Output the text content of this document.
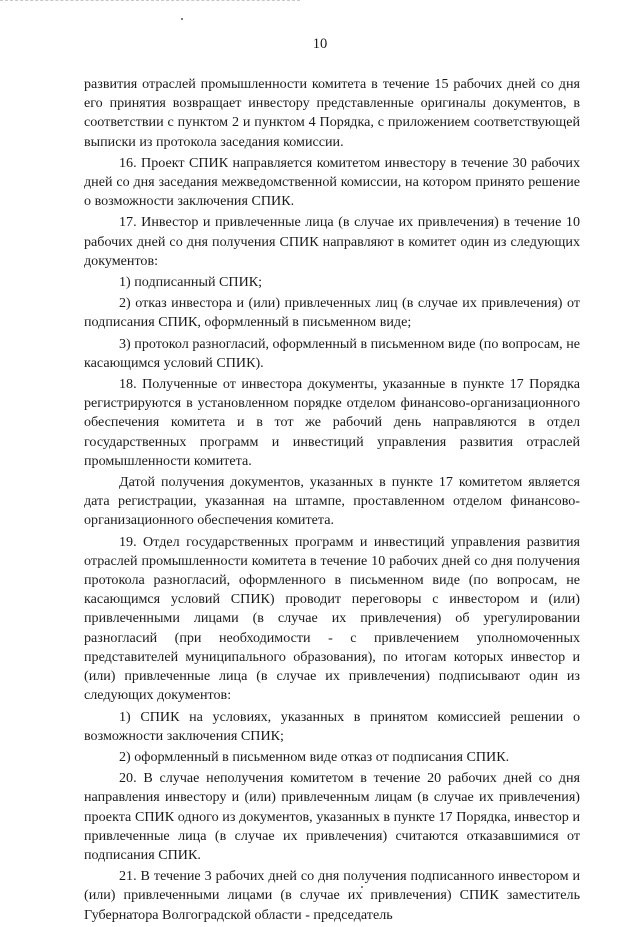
10

развития отраслей промышленности комитета в течение 15 рабочих дней со дня его принятия возвращает инвестору представленные оригиналы документов, в соответствии с пунктом 2 и пунктом 4 Порядка, с приложением соответствующей выписки из протокола заседания комиссии.

16. Проект СПИК направляется комитетом инвестору в течение 30 рабочих дней со дня заседания межведомственной комиссии, на котором принято решение о возможности заключения СПИК.

17. Инвестор и привлеченные лица (в случае их привлечения) в течение 10 рабочих дней со дня получения СПИК направляют в комитет один из следующих документов:

1) подписанный СПИК;

2) отказ инвестора и (или) привлеченных лиц (в случае их привлечения) от подписания СПИК, оформленный в письменном виде;

3) протокол разногласий, оформленный в письменном виде (по вопросам, не касающимся условий СПИК).

18. Полученные от инвестора документы, указанные в пункте 17 Порядка регистрируются в установленном порядке отделом финансово-организационного обеспечения комитета и в тот же рабочий день направляются в отдел государственных программ и инвестиций управления развития отраслей промышленности комитета.

Датой получения документов, указанных в пункте 17 комитетом является дата регистрации, указанная на штампе, проставленном отделом финансово-организационного обеспечения комитета.

19. Отдел государственных программ и инвестиций управления развития отраслей промышленности комитета в течение 10 рабочих дней со дня получения протокола разногласий, оформленного в письменном виде (по вопросам, не касающимся условий СПИК) проводит переговоры с инвестором и (или) привлеченными лицами (в случае их привлечения) об урегулировании разногласий (при необходимости - с привлечением уполномоченных представителей муниципального образования), по итогам которых инвестор и (или) привлеченные лица (в случае их привлечения) подписывают один из следующих документов:

1) СПИК на условиях, указанных в принятом комиссией решении о возможности заключения СПИК;

2) оформленный в письменном виде отказ от подписания СПИК.

20. В случае неполучения комитетом в течение 20 рабочих дней со дня направления инвестору и (или) привлеченным лицам (в случае их привлечения) проекта СПИК одного из документов, указанных в пункте 17 Порядка, инвестор и привлеченные лица (в случае их привлечения) считаются отказавшимися от подписания СПИК.

21. В течение 3 рабочих дней со дня получения подписанного инвестором и (или) привлеченными лицами (в случае их привлечения) СПИК заместитель Губернатора Волгоградской области - председатель
